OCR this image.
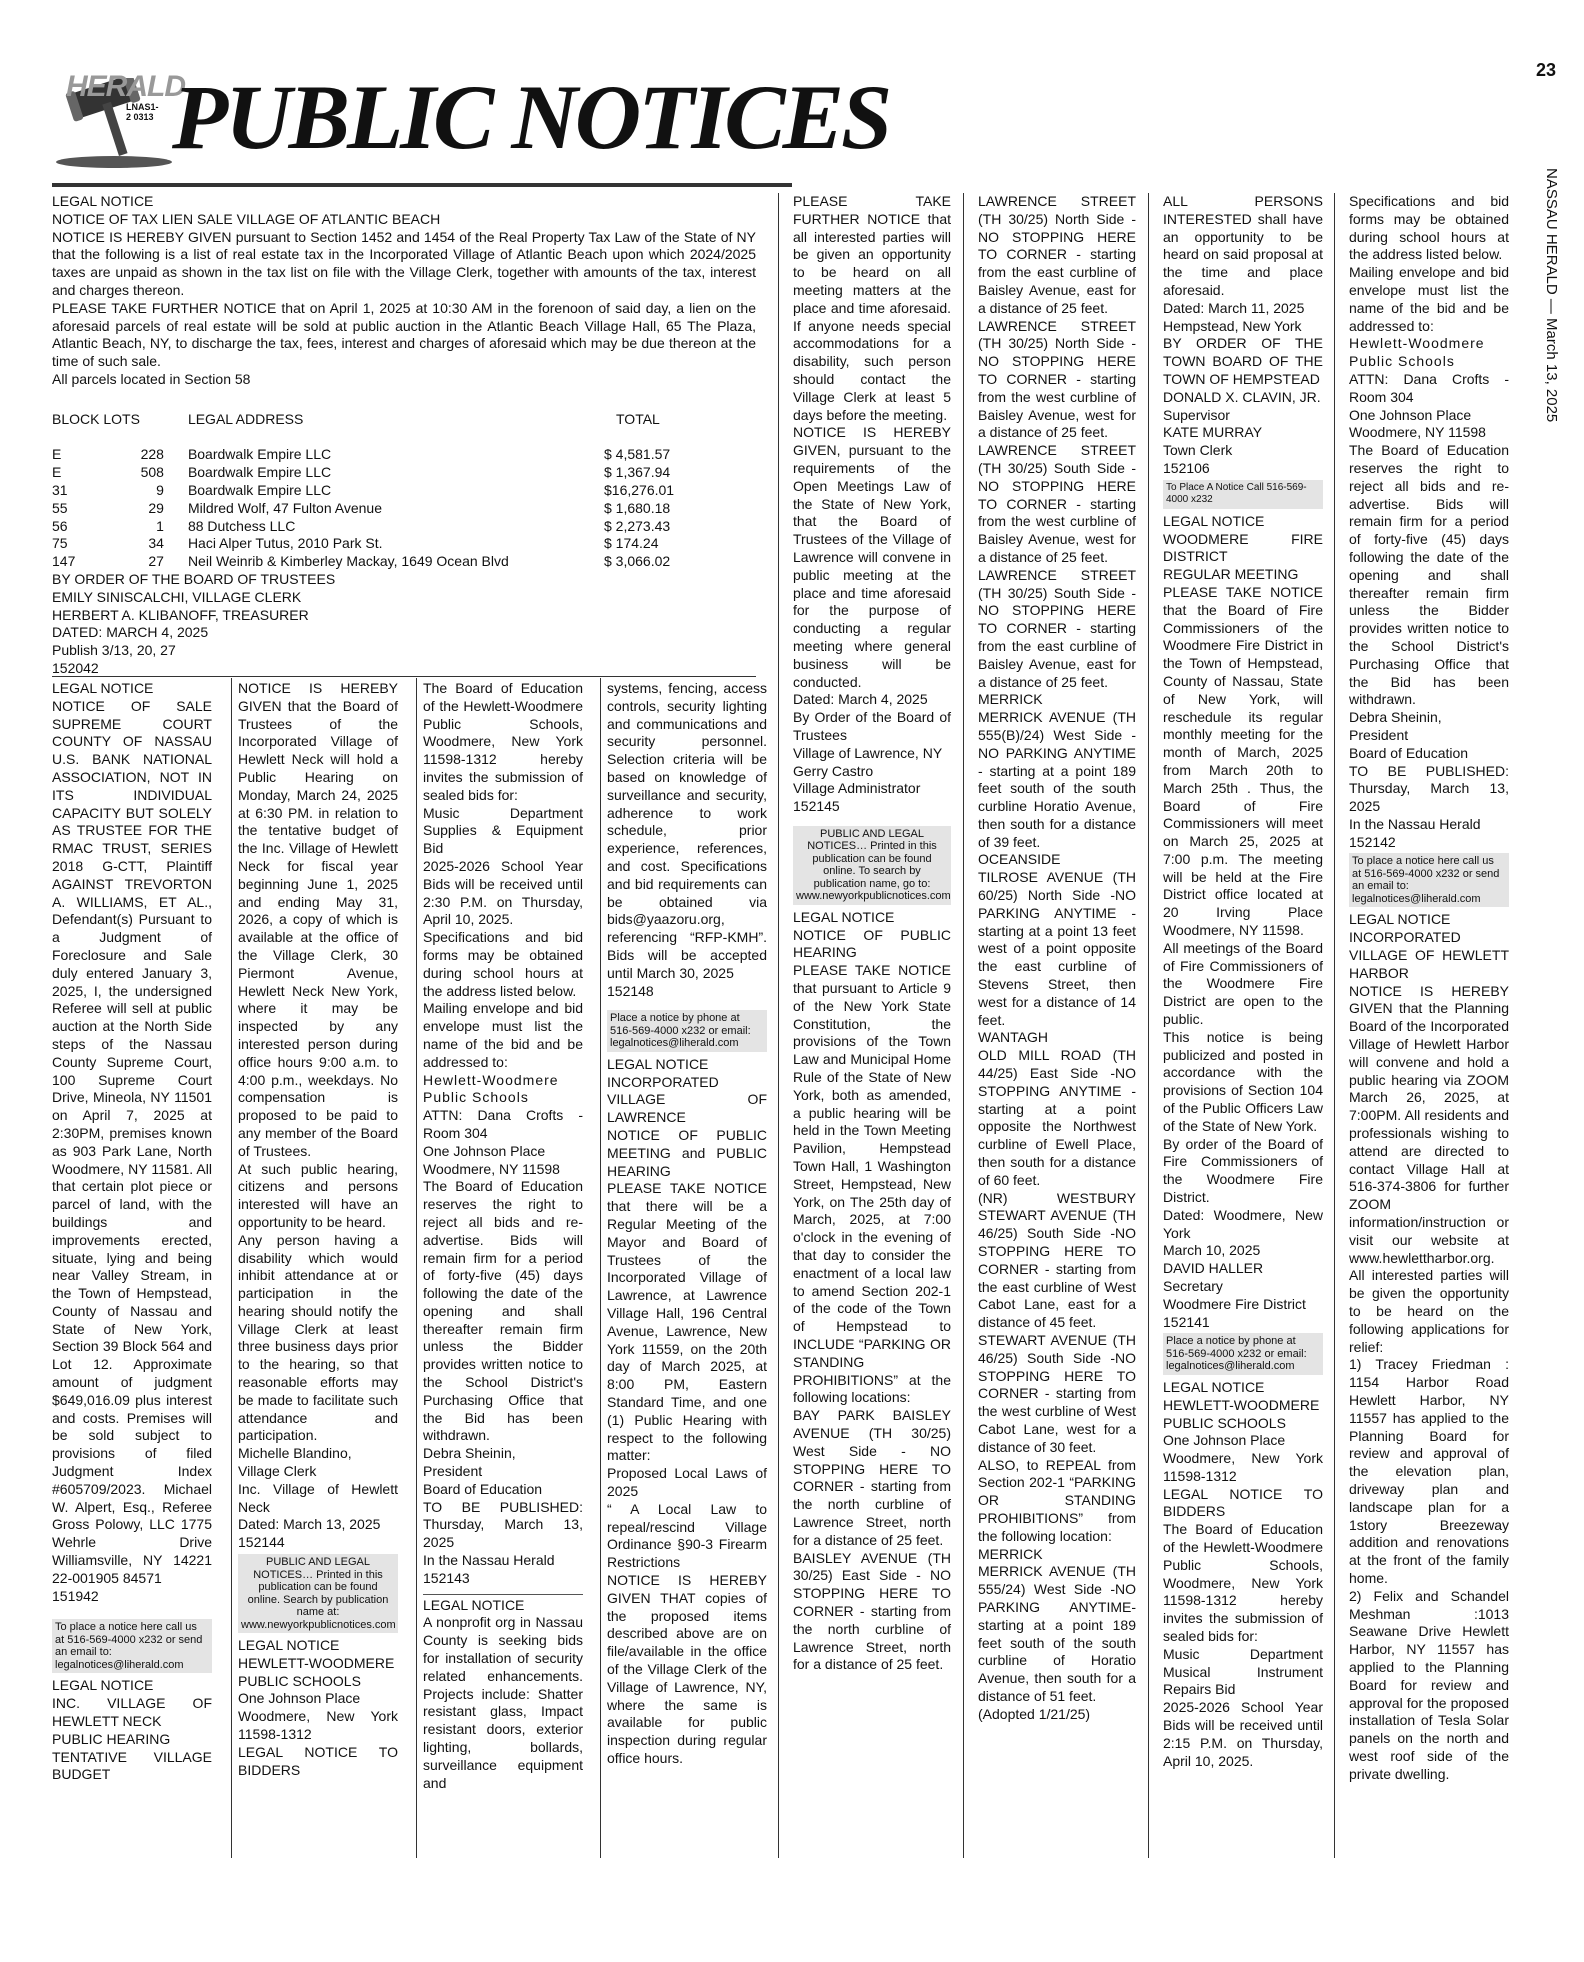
HERALD
LNAS1-2 0313 PUBLIC NOTICES	23
NASSAU HERALD — March 13, 2025

LEGAL NOTICE

NOTICE OF TAX LIEN SALE VILLAGE OF ATLANTIC BEACH

NOTICE IS HEREBY GIVEN pursuant to Section 1452 and 1454 of the Real Property Tax Law of the State of NY that the following is a list of real estate tax in the Incorporated Village of Atlantic Beach upon which 2024/2025 taxes are unpaid as shown in the tax list on file with the Village Clerk, together with amounts of the tax, interest and charges thereon.

PLEASE TAKE FURTHER NOTICE that on April 1, 2025 at 10:30 AM in the forenoon of said day, a lien on the aforesaid parcels of real estate will be sold at public auction in the Atlantic Beach Village Hall, 65 The Plaza, Atlantic Beach, NY, to discharge the tax, fees, interest and charges of aforesaid which may be due thereon at the time of such sale.

All parcels located in Section 58

BLOCK LOTS		LEGAL ADDRESS	TOTAL

E	228	Boardwalk Empire LLC	$ 4,581.57
E	508	Boardwalk Empire LLC	$ 1,367.94
31	9	Boardwalk Empire LLC	$16,276.01
55	29	Mildred Wolf, 47 Fulton Avenue	$ 1,680.18
56	1	88 Dutchess LLC	$ 2,273.43
75	34	Haci Alper Tutus, 2010 Park St.	$ 174.24
147	27	Neil Weinrib & Kimberley Mackay, 1649 Ocean Blvd	$ 3,066.02

BY ORDER OF THE BOARD OF TRUSTEES

EMILY SINISCALCHI, VILLAGE CLERK

HERBERT A. KLIBANOFF, TREASURER

DATED: MARCH 4, 2025

Publish 3/13, 20, 27

152042

LEGAL NOTICE

NOTICE OF SALE SUPREME COURT COUNTY OF NASSAU U.S. BANK NATIONAL ASSOCIATION, NOT IN ITS INDIVIDUAL CAPACITY BUT SOLELY AS TRUSTEE FOR THE RMAC TRUST, SERIES 2018 G-CTT, Plaintiff AGAINST TREVORTON A. WILLIAMS, ET AL., Defendant(s) Pursuant to a Judgment of Foreclosure and Sale duly entered January 3, 2025, I, the undersigned Referee will sell at public auction at the North Side steps of the Nassau County Supreme Court, 100 Supreme Court Drive, Mineola, NY 11501 on April 7, 2025 at 2:30PM, premises known as 903 Park Lane, North Woodmere, NY 11581. All that certain plot piece or parcel of land, with the buildings and improvements erected, situate, lying and being near Valley Stream, in the Town of Hempstead, County of Nassau and State of New York, Section 39 Block 564 and Lot 12. Approximate amount of judgment $649,016.09 plus interest and costs. Premises will be sold subject to provisions of filed Judgment Index #605709/2023. Michael W. Alpert, Esq., Referee Gross Polowy, LLC 1775 Wehrle Drive Williamsville, NY 14221 22-001905 84571

151942

To place a notice here call us at 516-569-4000 x232 or send an email to: legalnotices@liherald.com

LEGAL NOTICE

INC. VILLAGE OF HEWLETT NECK

PUBLIC HEARING

TENTATIVE VILLAGE BUDGET

NOTICE IS HEREBY GIVEN that the Board of Trustees of the Incorporated Village of Hewlett Neck will hold a Public Hearing on Monday, March 24, 2025 at 6:30 PM. in relation to the tentative budget of the Inc. Village of Hewlett Neck for fiscal year beginning June 1, 2025 and ending May 31, 2026, a copy of which is available at the office of the Village Clerk, 30 Piermont Avenue, Hewlett Neck New York, where it may be inspected by any interested person during office hours 9:00 a.m. to 4:00 p.m., weekdays. No compensation is proposed to be paid to any member of the Board of Trustees.

At such public hearing, citizens and persons interested will have an opportunity to be heard.

Any person having a disability which would inhibit attendance at or participation in the hearing should notify the Village Clerk at least three business days prior to the hearing, so that reasonable efforts may be made to facilitate such attendance and participation.

Michelle Blandino,

Village Clerk

Inc. Village of Hewlett Neck

Dated: March 13, 2025

152144

PUBLIC AND LEGAL NOTICES… Printed in this publication can be found online. Search by publication name at: www.newyorkpublicnotices.com

LEGAL NOTICE

HEWLETT-WOODMERE PUBLIC SCHOOLS

One Johnson Place

Woodmere, New York 11598-1312

LEGAL NOTICE TO BIDDERS

The Board of Education of the Hewlett-Woodmere Public Schools, Woodmere, New York 11598-1312 hereby invites the submission of sealed bids for:

Music Department Supplies & Equipment Bid

2025-2026 School Year Bids will be received until 2:30 P.M. on Thursday, April 10, 2025.

Specifications and bid forms may be obtained during school hours at the address listed below.

Mailing envelope and bid envelope must list the name of the bid and be addressed to:

Hewlett-Woodmere Public Schools

ATTN: Dana Crofts - Room 304

One Johnson Place

Woodmere, NY 11598

The Board of Education reserves the right to reject all bids and re-advertise. Bids will remain firm for a period of forty-five (45) days following the date of the opening and shall thereafter remain firm unless the Bidder provides written notice to the School District's Purchasing Office that the Bid has been withdrawn.

Debra Sheinin,

President

Board of Education

TO BE PUBLISHED: Thursday, March 13, 2025

In the Nassau Herald

152143

LEGAL NOTICE

A nonprofit org in Nassau County is seeking bids for installation of security related enhancements. Projects include: Shatter resistant glass, Impact resistant doors, exterior lighting, bollards, surveillance equipment and

systems, fencing, access controls, security lighting and communications and security personnel. Selection criteria will be based on knowledge of surveillance and security, adherence to work schedule, prior experience, references, and cost. Specifications and bid requirements can be obtained via bids@yaazoru.org, referencing “RFP-KMH”. Bids will be accepted until March 30, 2025

152148

Place a notice by phone at 516-569-4000 x232 or email: legalnotices@liherald.com

LEGAL NOTICE

INCORPORATED VILLAGE OF LAWRENCE

NOTICE OF PUBLIC MEETING and PUBLIC HEARING

PLEASE TAKE NOTICE that there will be a Regular Meeting of the Mayor and Board of Trustees of the Incorporated Village of Lawrence, at Lawrence Village Hall, 196 Central Avenue, Lawrence, New York 11559, on the 20th day of March 2025, at 8:00 PM, Eastern Standard Time, and one (1) Public Hearing with respect to the following matter:

Proposed Local Laws of 2025

“ A Local Law to repeal/rescind Village Ordinance §90-3 Firearm Restrictions

NOTICE IS HEREBY GIVEN THAT copies of the proposed items described above are on file/available in the office of the Village Clerk of the Village of Lawrence, NY, where the same is available for public inspection during regular office hours.

PLEASE TAKE FURTHER NOTICE that all interested parties will be given an opportunity to be heard on all meeting matters at the place and time aforesaid. If anyone needs special accommodations for a disability, such person should contact the Village Clerk at least 5 days before the meeting.

NOTICE IS HEREBY GIVEN, pursuant to the requirements of the Open Meetings Law of the State of New York, that the Board of Trustees of the Village of Lawrence will convene in public meeting at the place and time aforesaid for the purpose of conducting a regular meeting where general business will be conducted.

Dated: March 4, 2025

By Order of the Board of Trustees

Village of Lawrence, NY

Gerry Castro

Village Administrator

152145

PUBLIC AND LEGAL NOTICES… Printed in this publication can be found online. To search by publication name, go to: www.newyorkpublicnotices.com

LEGAL NOTICE

NOTICE OF PUBLIC HEARING

PLEASE TAKE NOTICE that pursuant to Article 9 of the New York State Constitution, the provisions of the Town Law and Municipal Home Rule of the State of New York, both as amended, a public hearing will be held in the Town Meeting Pavilion, Hempstead Town Hall, 1 Washington Street, Hempstead, New York, on The 25th day of March, 2025, at 7:00 o'clock in the evening of that day to consider the enactment of a local law to amend Section 202-1 of the code of the Town of Hempstead to INCLUDE “PARKING OR STANDING PROHIBITIONS” at the following locations:

BAY PARK BAISLEY AVENUE (TH 30/25) West Side - NO STOPPING HERE TO CORNER - starting from the north curbline of Lawrence Street, north for a distance of 25 feet.

BAISLEY AVENUE (TH 30/25) East Side - NO STOPPING HERE TO CORNER - starting from the north curbline of Lawrence Street, north for a distance of 25 feet.

LAWRENCE STREET (TH 30/25) North Side -NO STOPPING HERE TO CORNER - starting from the east curbline of Baisley Avenue, east for a distance of 25 feet.

LAWRENCE STREET (TH 30/25) North Side -NO STOPPING HERE TO CORNER - starting from the west curbline of Baisley Avenue, west for a distance of 25 feet.

LAWRENCE STREET (TH 30/25) South Side -NO STOPPING HERE TO CORNER - starting from the west curbline of Baisley Avenue, west for a distance of 25 feet.

LAWRENCE STREET (TH 30/25) South Side -NO STOPPING HERE TO CORNER - starting from the east curbline of Baisley Avenue, east for a distance of 25 feet.

MERRICK

MERRICK AVENUE (TH 555(B)/24) West Side - NO PARKING ANYTIME - starting at a point 189 feet south of the south curbline Horatio Avenue, then south for a distance of 39 feet.

OCEANSIDE

TILROSE AVENUE (TH 60/25) North Side -NO PARKING ANYTIME - starting at a point 13 feet west of a point opposite the east curbline of Stevens Street, then west for a distance of 14 feet.

WANTAGH

OLD MILL ROAD (TH 44/25) East Side -NO STOPPING ANYTIME - starting at a point opposite the Northwest curbline of Ewell Place, then south for a distance of 60 feet.

(NR) WESTBURY STEWART AVENUE (TH 46/25) South Side -NO STOPPING HERE TO CORNER - starting from the east curbline of West Cabot Lane, east for a distance of 45 feet.

STEWART AVENUE (TH 46/25) South Side -NO STOPPING HERE TO CORNER - starting from the west curbline of West Cabot Lane, west for a distance of 30 feet.

ALSO, to REPEAL from Section 202-1 “PARKING OR STANDING PROHIBITIONS” from the following location:

MERRICK

MERRICK AVENUE (TH 555/24) West Side -NO PARKING ANYTIME- starting at a point 189 feet south of the south curbline of Horatio Avenue, then south for a distance of 51 feet.

(Adopted 1/21/25)

ALL PERSONS INTERESTED shall have an opportunity to be heard on said proposal at the time and place aforesaid.

Dated: March 11, 2025

Hempstead, New York

BY ORDER OF THE TOWN BOARD OF THE TOWN OF HEMPSTEAD

DONALD X. CLAVIN, JR.

Supervisor

KATE MURRAY

Town Clerk

152106

To Place A Notice Call 516-569-4000 x232

LEGAL NOTICE

WOODMERE FIRE DISTRICT

REGULAR MEETING

PLEASE TAKE NOTICE that the Board of Fire Commissioners of the Woodmere Fire District in the Town of Hempstead, County of Nassau, State of New York, will reschedule its regular monthly meeting for the month of March, 2025 from March 20th to March 25th . Thus, the Board of Fire Commissioners will meet on March 25, 2025 at 7:00 p.m. The meeting will be held at the Fire District office located at 20 Irving Place Woodmere, NY 11598.

All meetings of the Board of Fire Commissioners of the Woodmere Fire District are open to the public.

This notice is being publicized and posted in accordance with the provisions of Section 104 of the Public Officers Law of the State of New York.

By order of the Board of Fire Commissioners of the Woodmere Fire District.

Dated: Woodmere, New York

March 10, 2025

DAVID HALLER

Secretary

Woodmere Fire District

152141

Place a notice by phone at 516-569-4000 x232 or email: legalnotices@liherald.com

LEGAL NOTICE

HEWLETT-WOODMERE PUBLIC SCHOOLS

One Johnson Place

Woodmere, New York 11598-1312

LEGAL NOTICE TO BIDDERS

The Board of Education of the Hewlett-Woodmere Public Schools, Woodmere, New York 11598-1312 hereby invites the submission of sealed bids for:

Music Department Musical Instrument Repairs Bid

2025-2026 School Year Bids will be received until 2:15 P.M. on Thursday, April 10, 2025.

Specifications and bid forms may be obtained during school hours at the address listed below.

Mailing envelope and bid envelope must list the name of the bid and be addressed to:

Hewlett-Woodmere Public Schools

ATTN: Dana Crofts - Room 304

One Johnson Place

Woodmere, NY 11598

The Board of Education reserves the right to reject all bids and re-advertise. Bids will remain firm for a period of forty-five (45) days following the date of the opening and shall thereafter remain firm unless the Bidder provides written notice to the School District's Purchasing Office that the Bid has been withdrawn.

Debra Sheinin,

President

Board of Education

TO BE PUBLISHED: Thursday, March 13, 2025

In the Nassau Herald

152142

To place a notice here call us at 516-569-4000 x232 or send an email to: legalnotices@liherald.com

LEGAL NOTICE

INCORPORATED VILLAGE OF HEWLETT HARBOR

NOTICE IS HEREBY GIVEN that the Planning Board of the Incorporated Village of Hewlett Harbor will convene and hold a public hearing via ZOOM March 26, 2025, at 7:00PM. All residents and professionals wishing to attend are directed to contact Village Hall at 516-374-3806 for further ZOOM information/instruction or visit our website at www.hewlettharbor.org. All interested parties will be given the opportunity to be heard on the following applications for relief:

1) Tracey Friedman : 1154 Harbor Road Hewlett Harbor, NY 11557 has applied to the Planning Board for review and approval of the elevation plan, driveway plan and landscape plan for a 1story Breezeway addition and renovations at the front of the family home.

2) Felix and Schandel Meshman :1013 Seawane Drive Hewlett Harbor, NY 11557 has applied to the Planning Board for review and approval for the proposed installation of Tesla Solar panels on the north and west roof side of the private dwelling.
